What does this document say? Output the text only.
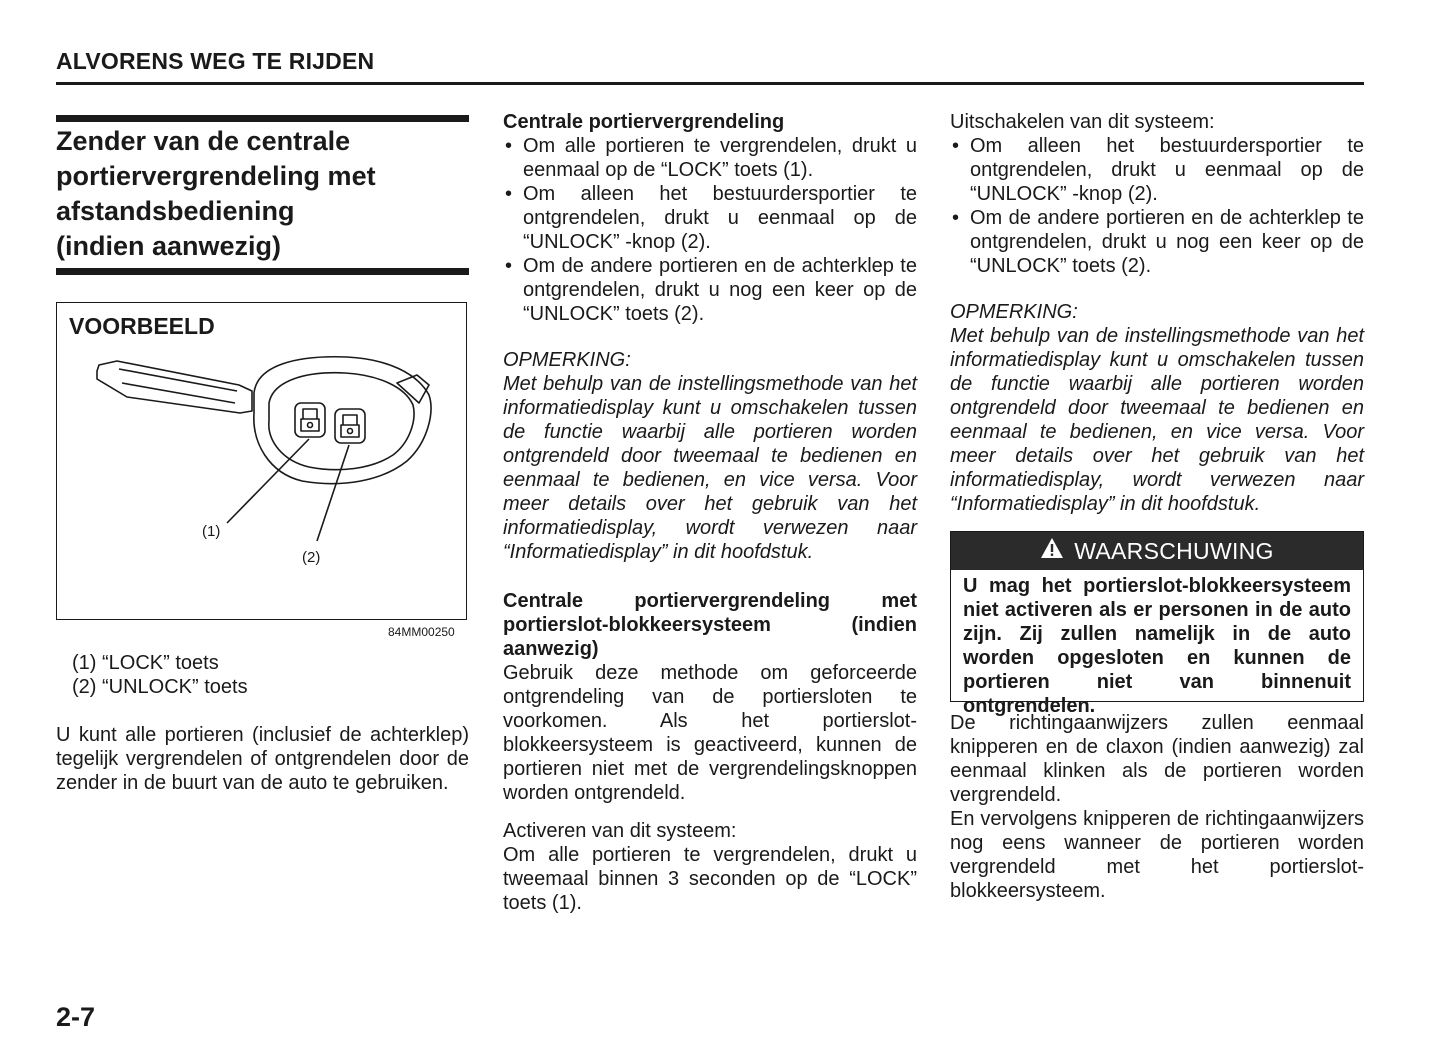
ALVORENS WEG TE RIJDEN
Zender van de centrale
portiervergrendeling met
afstandsbediening
(indien aanwezig)
VOORBEELD
(1)
(2)
84MM00250
(1) “LOCK” toets
(2) “UNLOCK” toets

U kunt alle portieren (inclusief de achterklep) tegelijk vergrendelen of ontgrendelen door de zender in de buurt van de auto te gebruiken.

Centrale portiervergrendeling

• Om alle portieren te vergrendelen, drukt u eenmaal op de “LOCK” toets (1).
• Om alleen het bestuurdersportier te ontgrendelen, drukt u eenmaal op de “UNLOCK” -knop (2).
• Om de andere portieren en de achterklep te ontgrendelen, drukt u nog een keer op de “UNLOCK” toets (2).

OPMERKING:

Met behulp van de instellingsmethode van het informatiedisplay kunt u omschakelen tussen de functie waarbij alle portieren worden ontgrendeld door tweemaal te bedienen en eenmaal te bedienen, en vice versa. Voor meer details over het gebruik van het informatiedisplay, wordt verwezen naar “Informatiedisplay” in dit hoofdstuk.

Centrale portiervergrendeling met portierslot-blokkeersysteem (indien aanwezig)

Gebruik deze methode om geforceerde ontgrendeling van de portiersloten te voorkomen. Als het portierslot-blokkeersysteem is geactiveerd, kunnen de portieren niet met de vergrendelingsknoppen worden ontgrendeld.

Activeren van dit systeem:

Om alle portieren te vergrendelen, drukt u tweemaal binnen 3 seconden op de “LOCK” toets (1).

Uitschakelen van dit systeem:

• Om alleen het bestuurdersportier te ontgrendelen, drukt u eenmaal op de “UNLOCK” -knop (2).
• Om de andere portieren en de achterklep te ontgrendelen, drukt u nog een keer op de “UNLOCK” toets (2).

OPMERKING:

Met behulp van de instellingsmethode van het informatiedisplay kunt u omschakelen tussen de functie waarbij alle portieren worden ontgrendeld door tweemaal te bedienen en eenmaal te bedienen, en vice versa. Voor meer details over het gebruik van het informatiedisplay, wordt verwezen naar “Informatiedisplay” in dit hoofdstuk.

WAARSCHUWING
U mag het portierslot-blokkeersysteem niet activeren als er personen in de auto zijn. Zij zullen namelijk in de auto worden opgesloten en kunnen de portieren niet van binnenuit ontgrendelen.

De richtingaanwijzers zullen eenmaal knipperen en de claxon (indien aanwezig) zal eenmaal klinken als de portieren worden vergrendeld.

En vervolgens knipperen de richtingaanwijzers nog eens wanneer de portieren worden vergrendeld met het portierslot-blokkeersysteem.

2-7
